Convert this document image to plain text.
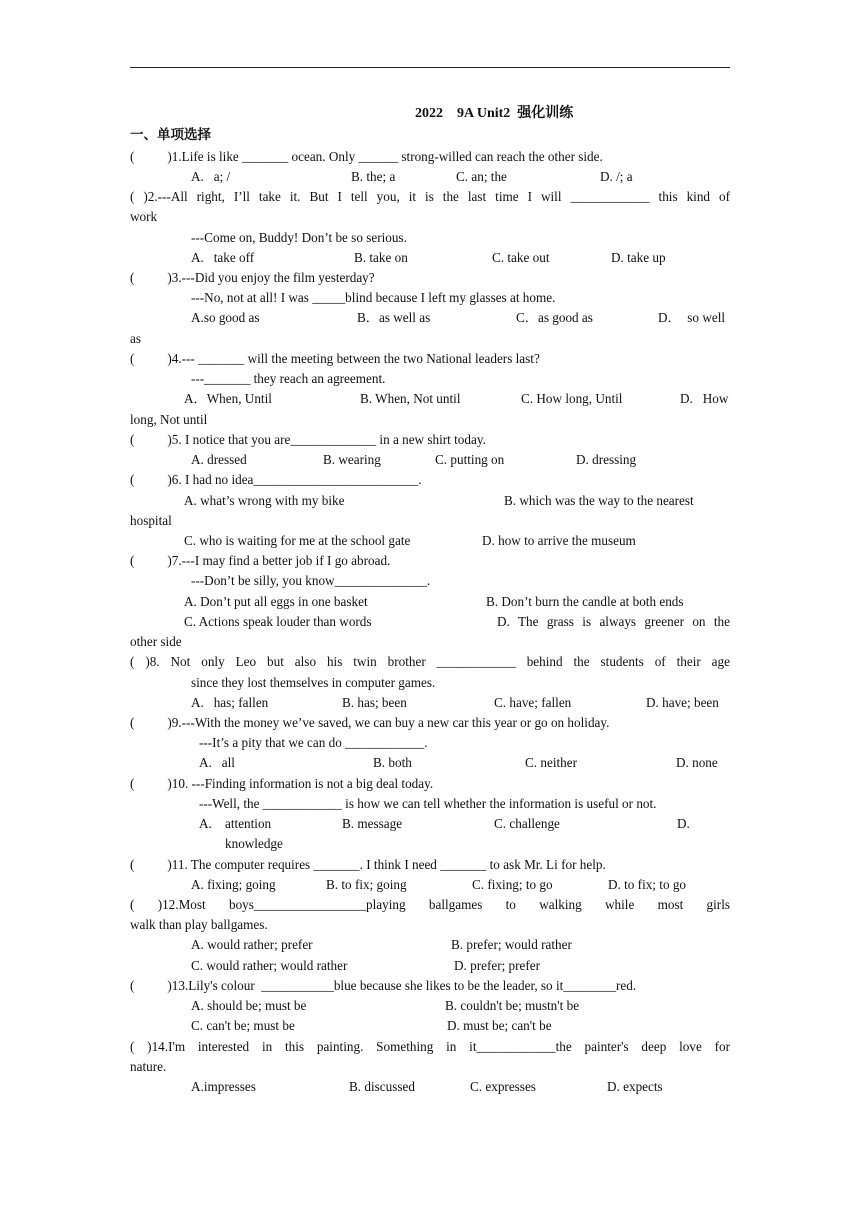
2022    9A Unit2  强化训练
一、单项选择
(          )1.Life is like _______ ocean. Only ______ strong-willed can reach the other side.
A.   a; /	B. the; a	C. an; the	D. /; a
( )2.---All right, I’ll take it. But I tell you, it is the last time I will ____________ this kind of
work
---Come on, Buddy! Don’t be so serious.
A.   take off	B. take on	C. take out	D. take up
(          )3.---Did you enjoy the film yesterday?
---No, not at all! I was _____blind because I left my glasses at home.
A.so good as	B．as well as	C．as good as	D．  so well
as
(          )4.--- _______ will the meeting between the two National leaders last?
---_______ they reach an agreement.
A．When, Until	B. When, Not until	C. How long, Until	D.   How
long, Not until
(          )5. I notice that you are_____________ in a new shirt today.
A. dressed	B. wearing	C. putting on	D. dressing
(          )6. I had no idea_________________________.
A. what’s wrong with my bike	B. which was the way to the nearest
hospital
C. who is waiting for me at the school gate	D. how to arrive the museum
(          )7.---I may find a better job if I go abroad.
---Don’t be silly, you know______________.
A. Don’t put all eggs in one basket	B. Don’t burn the candle at both ends
C. Actions speak louder than words	D. The grass is always greener on the
other side
( )8. Not only Leo but also his twin brother ____________ behind the students of their age
since they lost themselves in computer games.
A.   has; fallen	B. has; been	C. have; fallen	D. have; been
(          )9.---With the money we’ve saved, we can buy a new car this year or go on holiday.
---It’s a pity that we can do ____________.
A.   all	B. both	C. neither	D. none
(          )10. ---Finding information is not a big deal today.
---Well, the ____________ is how we can tell whether the information is useful or not.
A.    attention	B. message	C. challenge	D.
knowledge
(          )11. The computer requires _______. I think I need _______ to ask Mr. Li for help.
A. fixing; going	B. to fix; going	C. fixing; to go	D. to fix; to go
( )12.Most boys_________________playing ballgames to walking while most girls
walk than play ballgames.
A. would rather; prefer	B. prefer; would rather
C. would rather; would rather	D. prefer; prefer
(          )13.Lily's colour  ___________blue because she likes to be the leader, so it________red.
A. should be; must be	B. couldn't be; mustn't be
C. can't be; must be	D. must be; can't be
( )14.I'm interested in this painting. Something in it____________the painter's deep love for
nature.
A.impresses	B. discussed	C. expresses	D. expects
